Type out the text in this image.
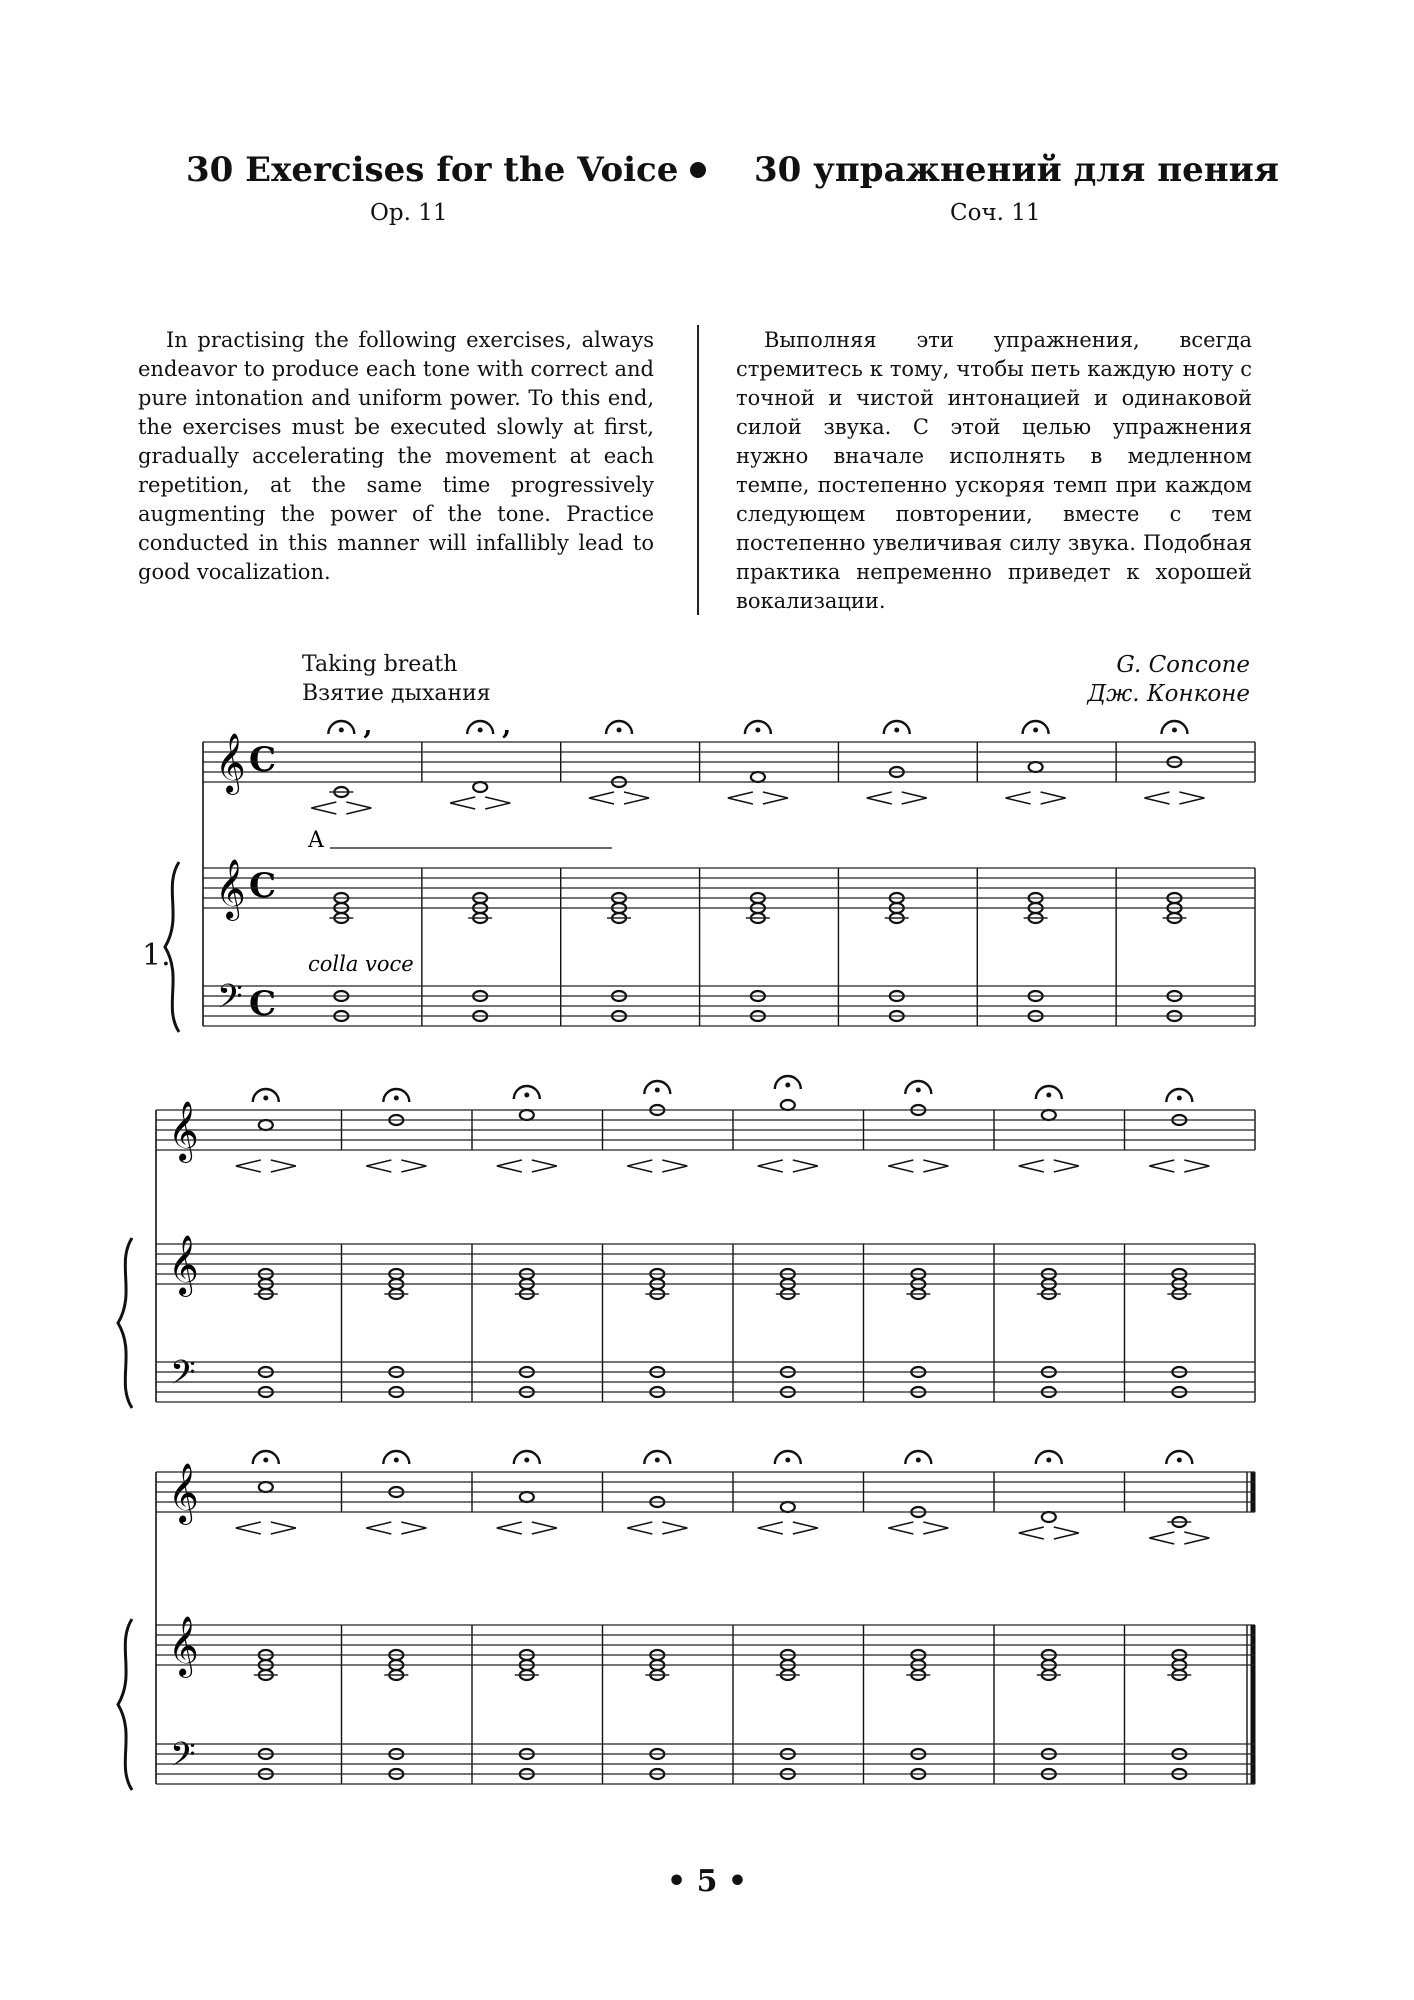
30 Exercises for the Voice 30 упражнений для пения
Op. 11	Соч. 11

In practising the following exercises, always endeavor to produce each tone with correct and pure intonation and uniform power. To this end, the exercises must be executed slowly at first, gradually accelerating the movement at each repetition, at the same time progressively augmenting the power of the tone. Practice conducted in this manner will infallibly lead to good vocalization.

Выполняя эти упражнения, всегда стремитесь к тому, чтобы петь каждую ноту с точной и чистой интонацией и одинаковой силой звука. С этой целью упражнения нужно вначале исполнять в медленном темпе, постепенно ускоряя темп при каждом следующем повторении, вместе с тем постепенно увеличивая силу звука. Подобная практика непременно приведет к хорошей вокализации.

Taking breath
Взятие дыхания
G. Concone
Дж. Конконе
1.
𝄞
𝄞
𝄢
C
C
C
,	,
𝄞
𝄞
𝄢
𝄞
𝄞
𝄢
A
colla voce
• 5 •
